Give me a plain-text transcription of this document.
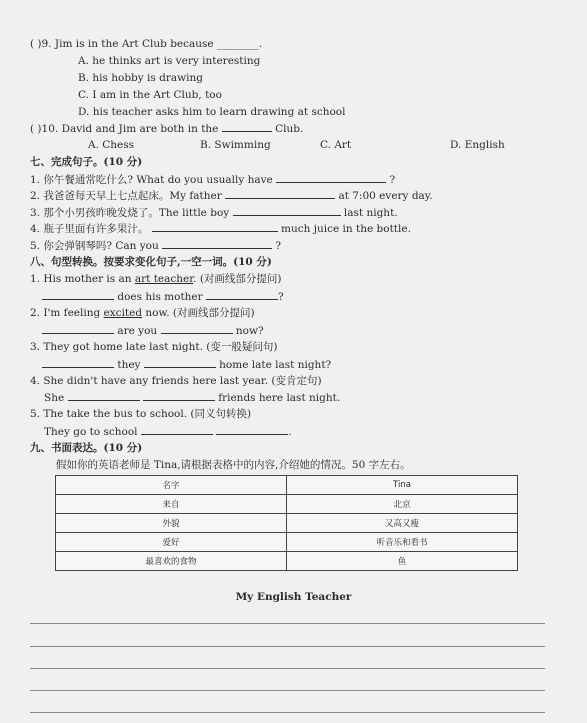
( )9. Jim is in the Art Club because ________.
A. he thinks art is very interesting
B. his hobby is drawing
C. I am in the Art Club, too
D. his teacher asks him to learn drawing at school
( )10. David and Jim are both in the	Club.
A. Chess	B. Swimming	C. Art	D. English
七、完成句子。(10 分)
1. 你午餐通常吃什么? What do you usually have	?
2. 我爸爸每天早上七点起床。My father	at 7:00 every day.
3. 那个小男孩昨晚发烧了。The little boy	last night.
4. 瓶子里面有许多果汁。	much juice in the bottle.
5. 你会弹钢琴吗? Can you	?
八、句型转换。按要求变化句子,一空一词。(10 分)
1. His mother is an art teacher. (对画线部分提问)
does his mother	?
2. I'm feeling excited now. (对画线部分提问)
are you	now?
3. They got home late last night. (变一般疑问句)
they	home late last night?
4. She didn't have any friends here last year. (变肯定句)
She	friends here last night.
5. The take the bus to school. (同义句转换)
They go to school	.
九、书面表达。(10 分)
假如你的英语老师是 Tina,请根据表格中的内容,介绍她的情况。50 字左右。
名字	Tina
来自	北京
外貌	又高又瘦
爱好	听音乐和看书
最喜欢的食物	鱼
My English Teacher
